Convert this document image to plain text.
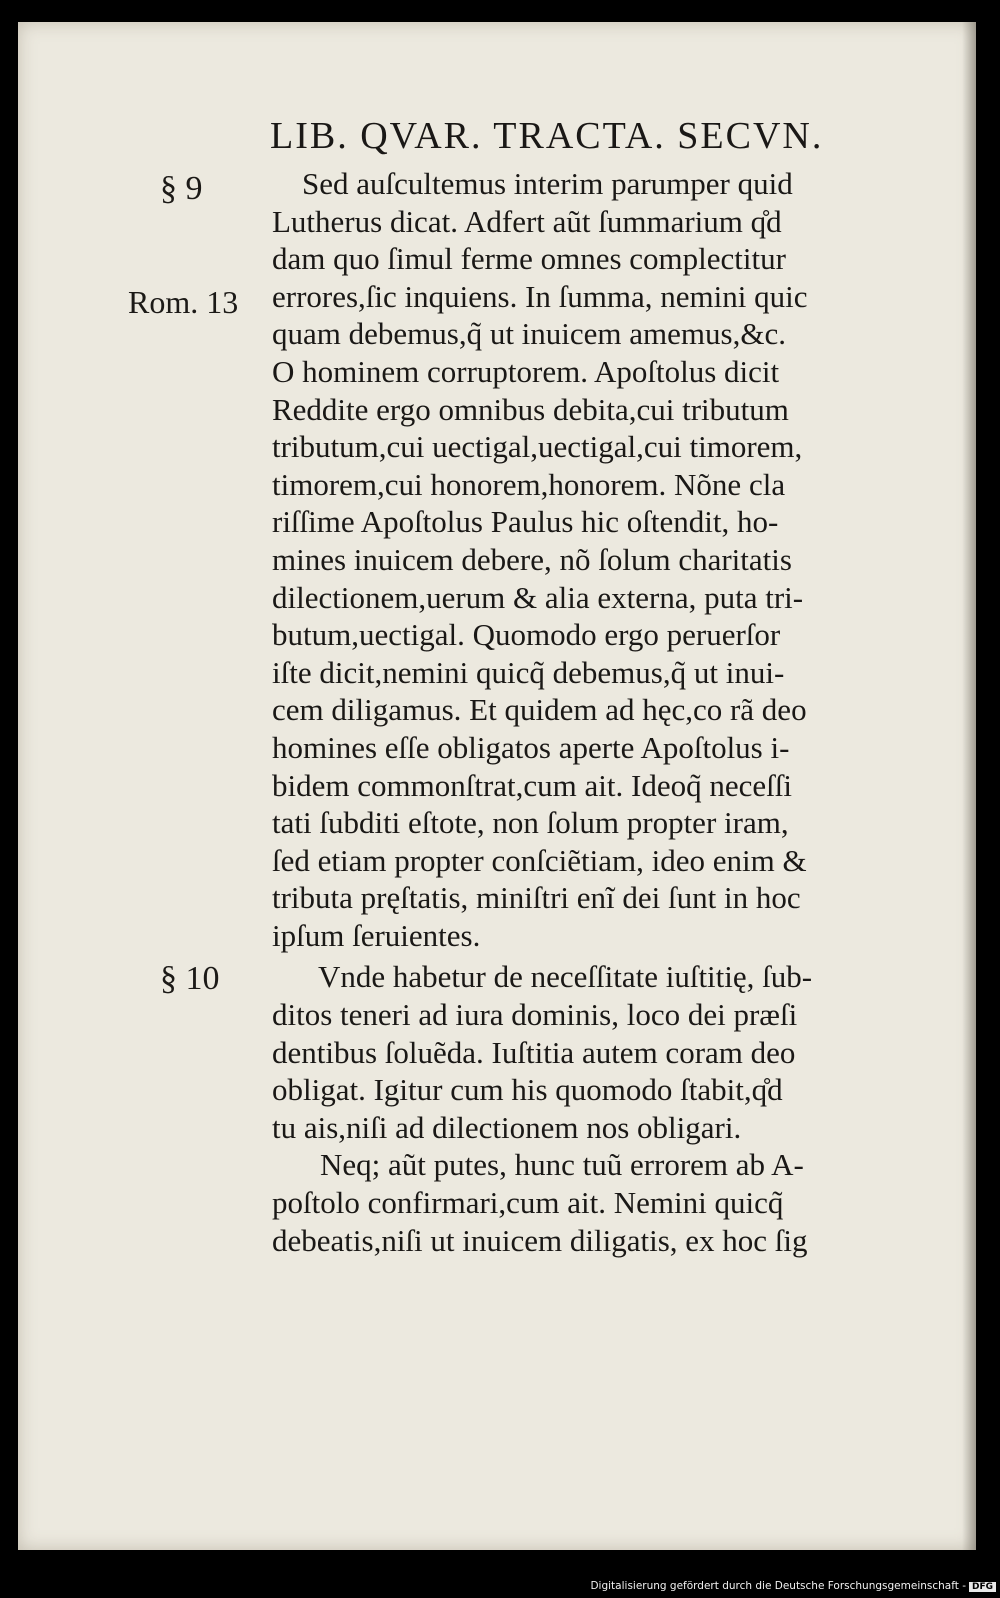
LIB. QVAR. TRACTA. SECVN.
§ 9
Rom. 13
§ 10
Sed auſcultemus interim parumper quid
Lutherus dicat. Adfert aũt ſummarium q̊d
dam quo ſimul ferme omnes complectitur
errores,ſic inquiens. In ſumma, nemini quic
quam debemus,q̃ ut inuicem amemus,&c.
O hominem corruptorem. Apoſtolus dicit
Reddite ergo omnibus debita,cui tributum
tributum,cui uectigal,uectigal,cui timorem,
timorem,cui honorem,honorem. Nõne cla
riſſime Apoſtolus Paulus hic oſtendit, ho-
mines inuicem debere, nõ ſolum charitatis
dilectionem,uerum & alia externa, puta tri-
butum,uectigal. Quomodo ergo peruerſor
iſte dicit,nemini quicq̃ debemus,q̃ ut inui-
cem diligamus. Et quidem ad hęc,co rã deo
homines eſſe obligatos aperte Apoſtolus i-
bidem commonſtrat,cum ait. Ideoq̃ neceſſi
tati ſubditi eſtote, non ſolum propter iram,
ſed etiam propter conſciẽtiam, ideo enim &
tributa pręſtatis, miniſtri enĩ dei ſunt in hoc
ipſum ſeruientes.
Vnde habetur de neceſſitate iuſtitię, ſub-
ditos teneri ad iura dominis, loco dei præſi
dentibus ſoluẽda. Iuſtitia autem coram deo
obligat. Igitur cum his quomodo ſtabit,q̊d
tu ais,niſi ad dilectionem nos obligari.
Neq; aũt putes, hunc tuũ errorem ab A-
poſtolo confirmari,cum ait. Nemini quicq̃
debeatis,niſi ut inuicem diligatis, ex hoc ſig
Digitalisierung gefördert durch die Deutsche Forschungsgemeinschaft - DFG
